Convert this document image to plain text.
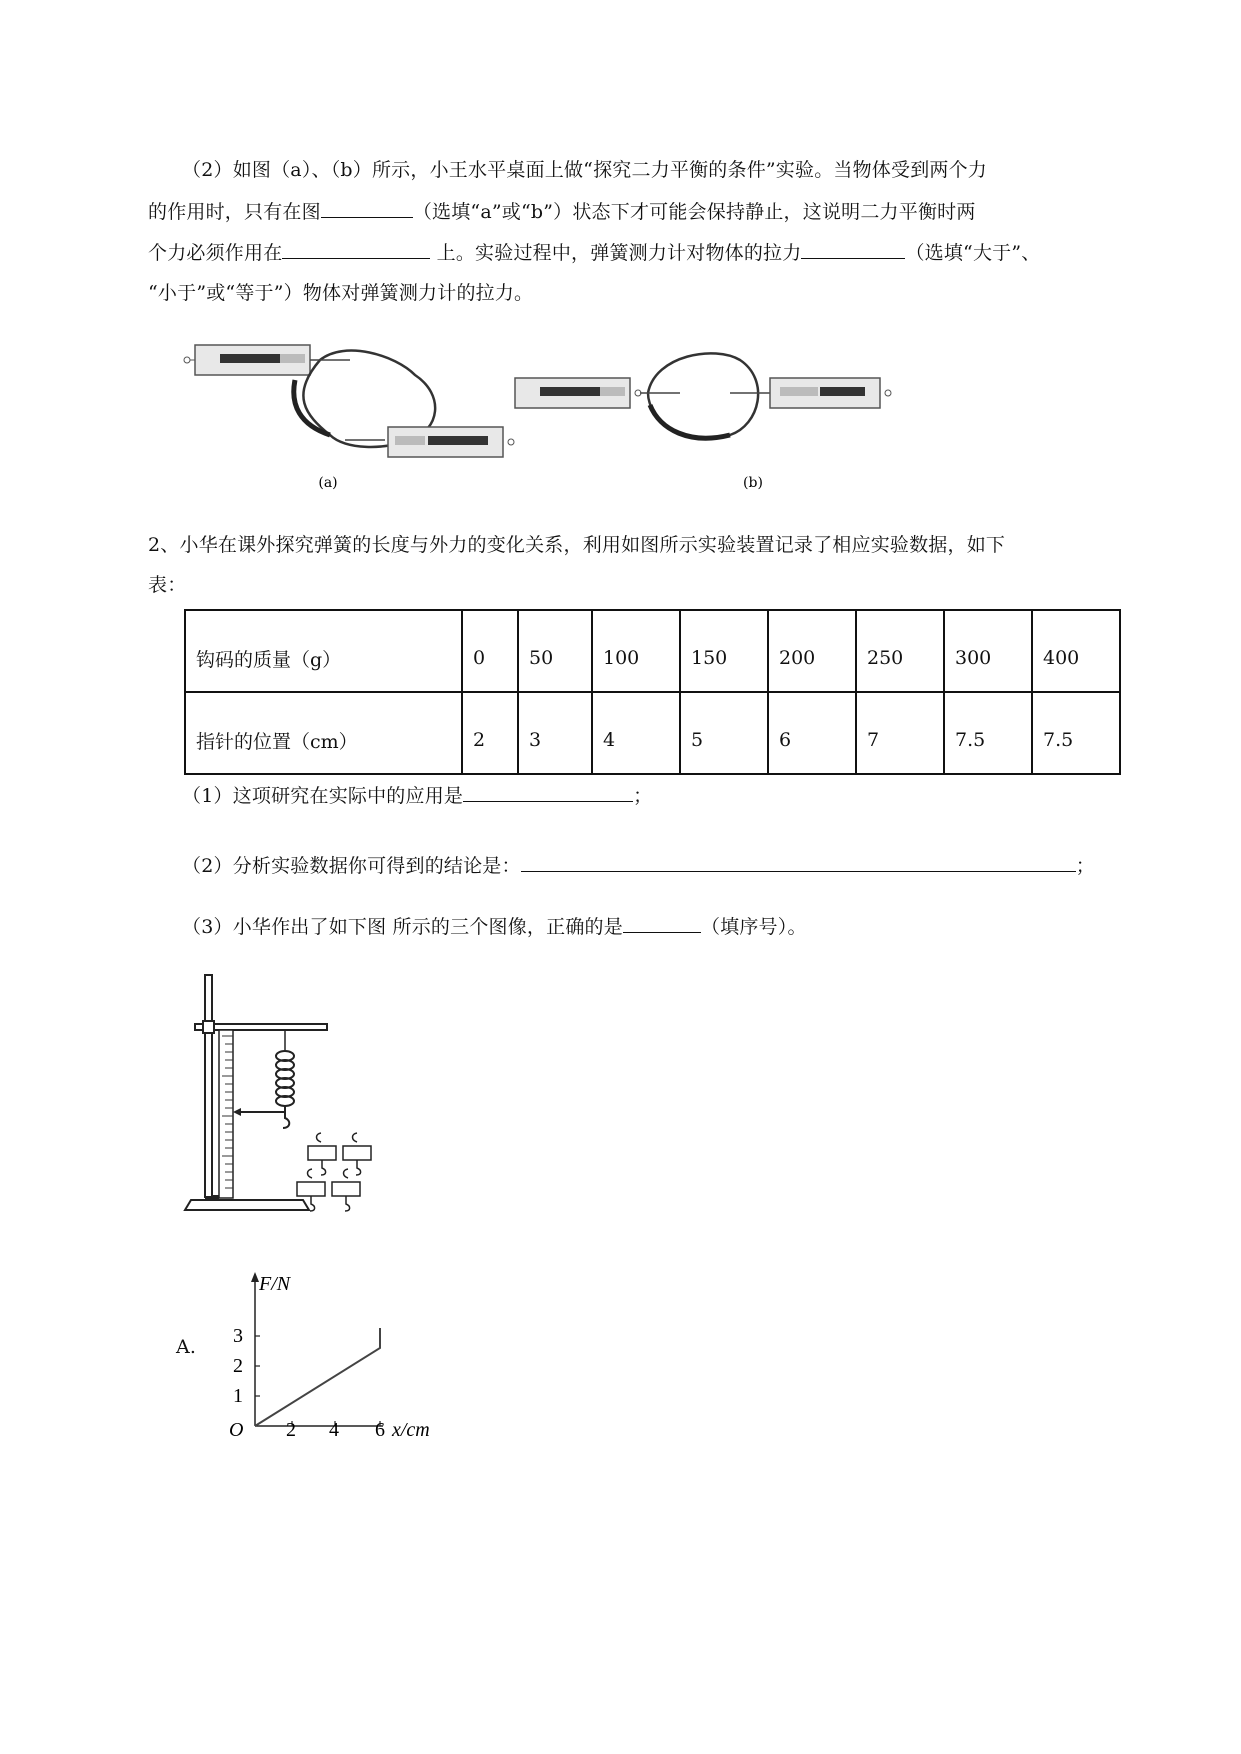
（2）如图（a）、（b）所示，小王水平桌面上做“探究二力平衡的条件”实验。当物体受到两个力
的作用时，只有在图	（选填“a”或“b”）状态下才可能会保持静止，这说明二力平衡时两
个力必须作用在	上。实验过程中，弹簧测力计对物体的拉力	（选填“大于”、
“小于”或“等于”）物体对弹簧测力计的拉力。
(a)	(b)
2、小华在课外探究弹簧的长度与外力的变化关系，利用如图所示实验装置记录了相应实验数据，如下
表：
钩码的质量（g）	0	50	100	150	200	250	300	400
指针的位置（cm）	2	3	4	5	6	7	7.5	7.5
（1）这项研究在实际中的应用是	；
（2）分析实验数据你可得到的结论是：	；
（3）小华作出了如下图 所示的三个图像，正确的是	（填序号）。
A.
F/N
1
2
3
O 2 4 6 x/cm
